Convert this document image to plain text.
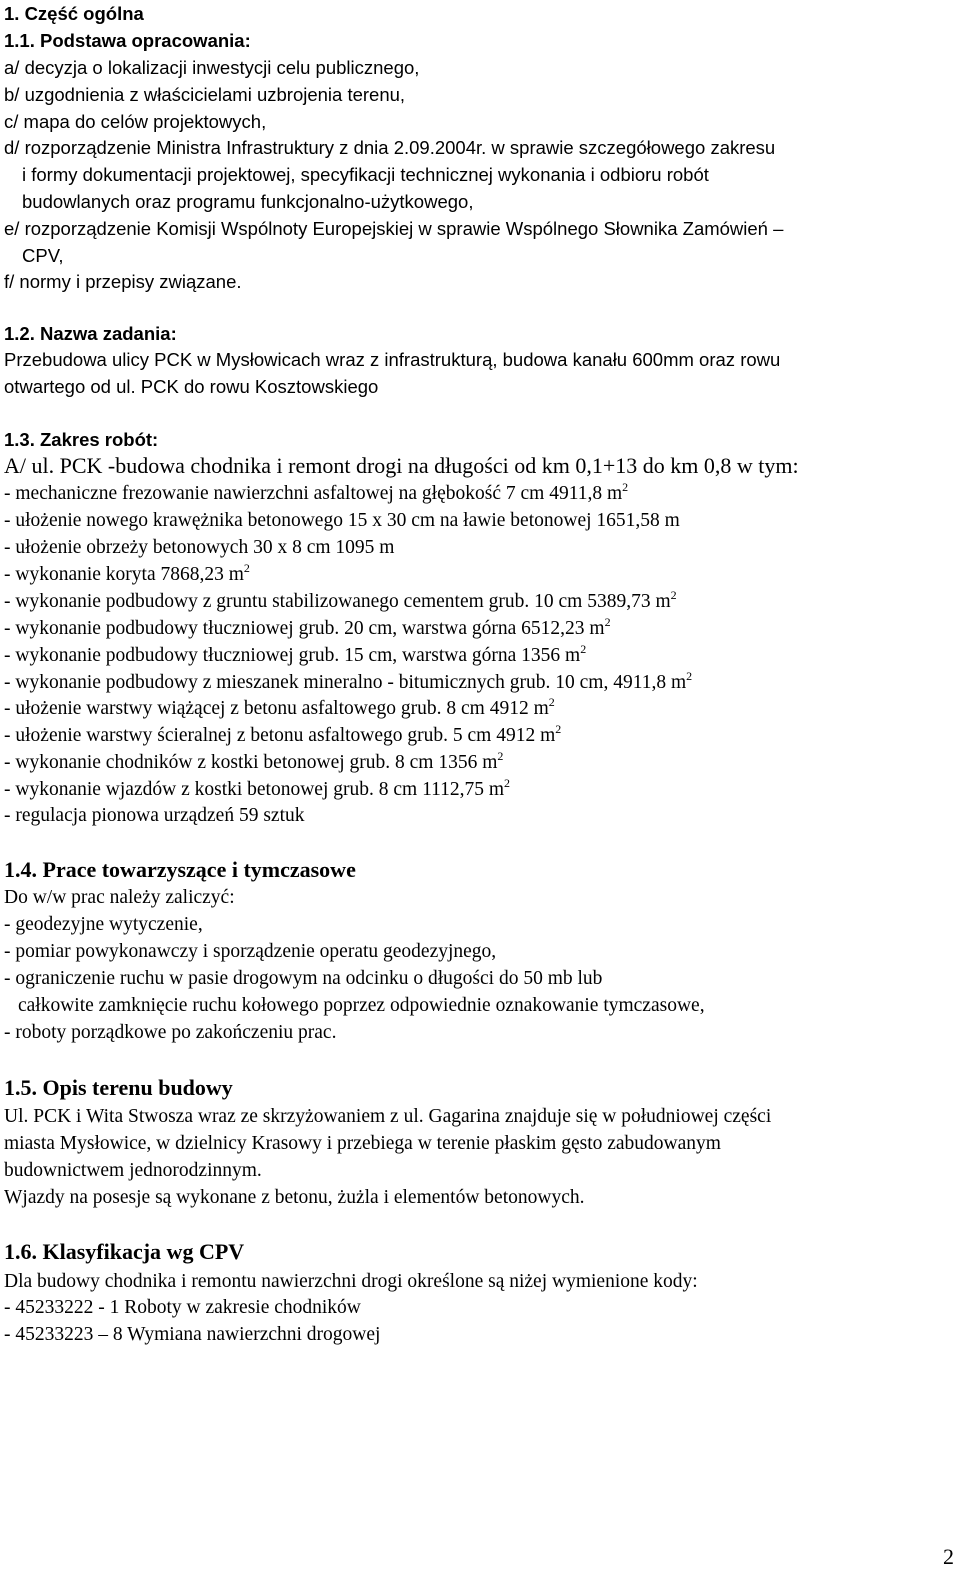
1. Część ogólna
1.1. Podstawa opracowania:
a/ decyzja o lokalizacji inwestycji celu publicznego,
b/ uzgodnienia z właścicielami uzbrojenia terenu,
c/ mapa do celów projektowych,
d/ rozporządzenie Ministra Infrastruktury z dnia 2.09.2004r. w sprawie szczegółowego zakresu
i formy dokumentacji projektowej, specyfikacji technicznej wykonania i odbioru robót
budowlanych oraz programu funkcjonalno-użytkowego,
e/ rozporządzenie Komisji Wspólnoty Europejskiej w sprawie Wspólnego Słownika Zamówień –
CPV,
f/ normy i przepisy związane.
1.2. Nazwa zadania:
Przebudowa ulicy PCK w Mysłowicach wraz z infrastrukturą, budowa kanału 600mm oraz rowu
otwartego od ul. PCK do rowu Kosztowskiego
1.3. Zakres robót:
A/ ul. PCK -budowa chodnika i remont drogi na długości od km 0,1+13 do km 0,8 w tym:
- mechaniczne frezowanie nawierzchni asfaltowej na głębokość 7 cm 4911,8 $m^2$
- ułożenie nowego krawężnika betonowego 15 x 30 cm na ławie betonowej 1651,58 m
- ułożenie obrzeży betonowych 30 x 8 cm 1095 m
- wykonanie koryta 7868,23 $m^2$
- wykonanie podbudowy z gruntu stabilizowanego cementem grub. 10 cm 5389,73 $m^2$
- wykonanie podbudowy tłuczniowej grub. 20 cm, warstwa górna 6512,23 $m^2$
- wykonanie podbudowy tłuczniowej grub. 15 cm, warstwa górna 1356 $m^2$
- wykonanie podbudowy z mieszanek mineralno - bitumicznych grub. 10 cm, 4911,8 $m^2$
- ułożenie warstwy wiążącej z betonu asfaltowego grub. 8 cm 4912 $m^2$
- ułożenie warstwy ścieralnej z betonu asfaltowego grub. 5 cm 4912 $m^2$
- wykonanie chodników z kostki betonowej grub. 8 cm 1356 $m^2$
- wykonanie wjazdów z kostki betonowej grub. 8 cm 1112,75 $m^2$
- regulacja pionowa urządzeń 59 sztuk
1.4. Prace towarzyszące i tymczasowe
Do w/w prac należy zaliczyć:
- geodezyjne wytyczenie,
- pomiar powykonawczy i sporządzenie operatu geodezyjnego,
- ograniczenie ruchu w pasie drogowym na odcinku o długości do 50 mb lub
całkowite zamknięcie ruchu kołowego poprzez odpowiednie oznakowanie tymczasowe,
- roboty porządkowe po zakończeniu prac.
1.5. Opis terenu budowy
Ul. PCK i Wita Stwosza wraz ze skrzyżowaniem z ul. Gagarina znajduje się w południowej części
miasta Mysłowice, w dzielnicy Krasowy i przebiega w terenie płaskim gęsto zabudowanym
budownictwem jednorodzinnym.
Wjazdy na posesje są wykonane z betonu, żużla i elementów betonowych.
1.6. Klasyfikacja wg CPV
Dla budowy chodnika i remontu nawierzchni drogi określone są niżej wymienione kody:
- 45233222 - 1 Roboty w zakresie chodników
- 45233223 – 8 Wymiana nawierzchni drogowej
2
